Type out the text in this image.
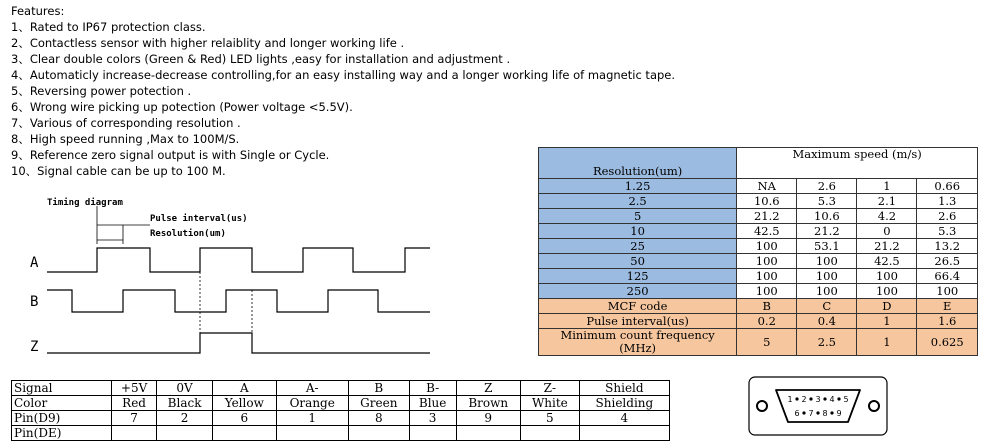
Features:
1、Rated to IP67 protection class.
2、Contactless sensor with higher relaiblity and longer working life .
3、Clear double colors (Green & Red) LED lights ,easy for installation and adjustment .
4、Automaticly increase-decrease controlling,for an easy installing way and a longer working life of magnetic tape.
5、Reversing power potection .
6、Wrong wire picking up potection (Power voltage <5.5V).
7、Various of corresponding resolution .
8、High speed running ,Max to 100M/S.
9、Reference zero signal output is with Single or Cycle.
10、Signal cable can be up to 100 M.
Timing diagram
Pulse interval(us)
Resolution(um)
A
B
Z
Resolution(um)	Maximum speed (m/s)			
1.25	NA	2.6	1	0.66
2.5	10.6	5.3	2.1	1.3
5	21.2	10.6	4.2	2.6
10	42.5	21.2	0	5.3
25	100	53.1	21.2	13.2
50	100	100	42.5	26.5
125	100	100	100	66.4
250	100	100	100	100
MCF code	B	C	D	E
Pulse interval(us)	0.2	0.4	1	1.6
Minimum count frequency (MHz)	5	2.5	1	0.625
Signal	+5V	0V	A	A-	B	B-	Z	Z-	Shield
Color	Red	Black	Yellow	Orange	Green	Blue	Brown	White	Shielding
Pin(D9)	7	2	6	1	8	3	9	5	4
Pin(DE)									
1 2 3 4 5
6 7 8 9
